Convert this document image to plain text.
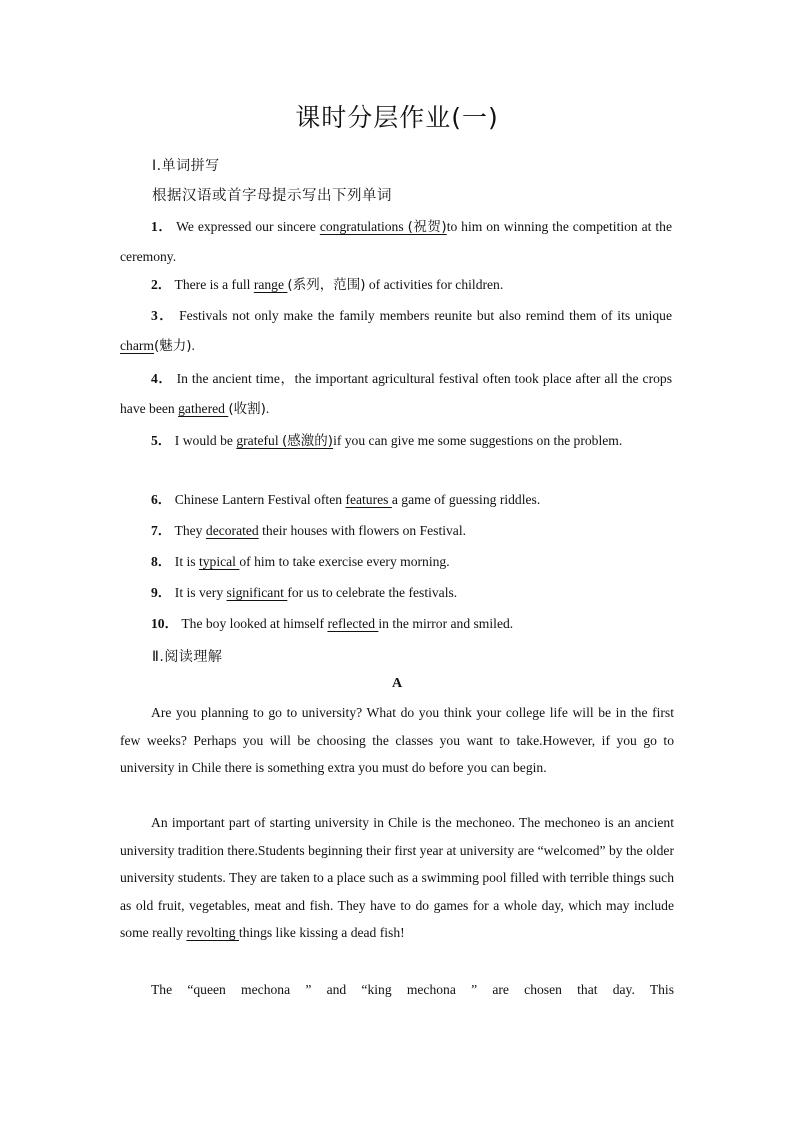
课时分层作业(一)
Ⅰ.单词拼写
根据汉语或首字母提示写出下列单词
1． We expressed our sincere congratulations (祝贺)to him on winning the competition at the ceremony.
2． There is a full range (系列，范围) of activities for children.
3． Festivals not only make the family members reunite but also remind them of its unique charm(魅力).
4． In the ancient time，the important agricultural festival often took place after all the crops have been gathered (收割).
5． I would be grateful (感激的)if you can give me some suggestions on the problem.
6． Chinese Lantern Festival often features a game of guessing riddles.
7． They decorated their houses with flowers on Festival.
8． It is typical of him to take exercise every morning.
9． It is very significant for us to celebrate the festivals.
10． The boy looked at himself reflected in the mirror and smiled.
Ⅱ.阅读理解
A
Are you planning to go to university? What do you think your college life will be in the first few weeks? Perhaps you will be choosing the classes you want to take.However, if you go to university in Chile there is something extra you must do before you can begin.
An important part of starting university in Chile is the mechoneo. The mechoneo is an ancient university tradition there.Students beginning their first year at university are “welcomed” by the older university students. They are taken to a place such as a swimming pool filled with terrible things such as old fruit, vegetables, meat and fish. They have to do games for a whole day, which may include some really revolting things like kissing a dead fish!
The “queen mechona ” and “king mechona ” are chosen that day. This
